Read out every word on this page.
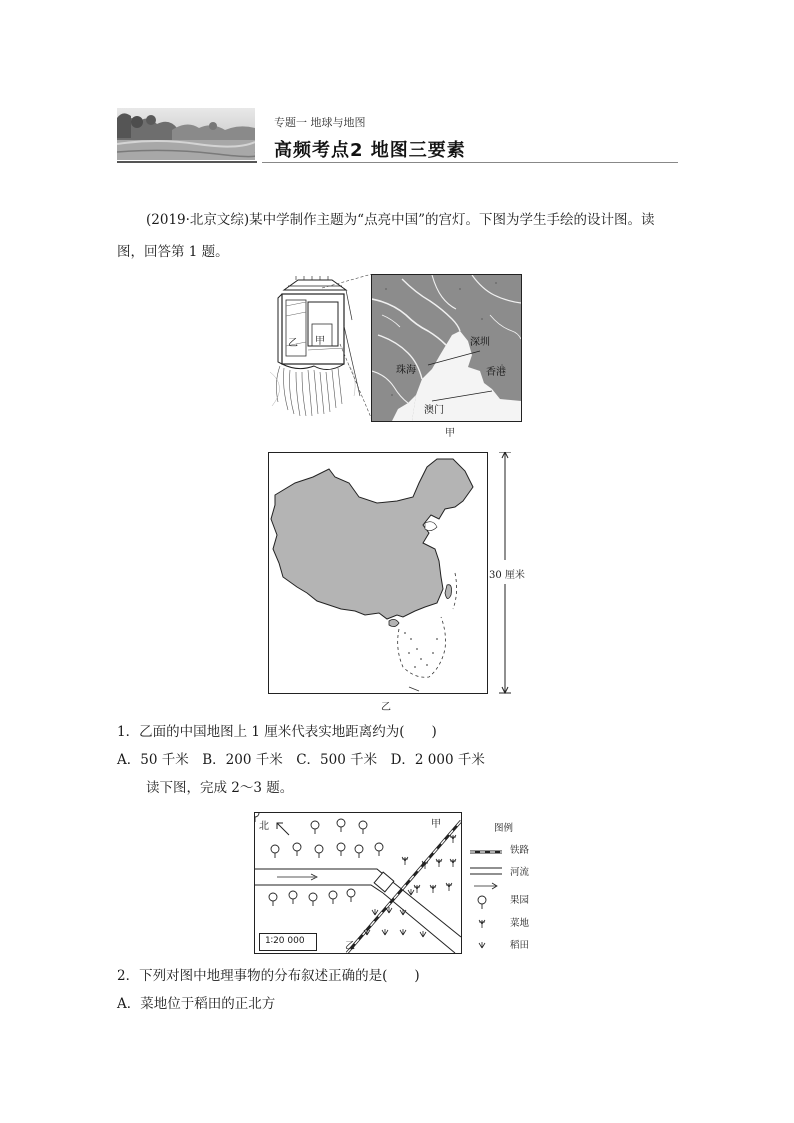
专题一 地球与地图
高频考点2 地图三要素
(2019·北京文综)某中学制作主题为“点亮中国”的宫灯。下图为学生手绘的设计图。读
图，回答第 1 题。
乙 甲	深圳
珠海	香港
澳门
甲
30 厘米
乙
1．乙面的中国地图上 1 厘米代表实地距离约为(　　)
A．50 千米　B．200 千米　C．500 千米　D．2 000 千米
读下图，完成 2～3 题。
北	甲
乙
1∶20 000
图例
铁路
河流
果园
菜地
稻田
2．下列对图中地理事物的分布叙述正确的是(　　)
A．菜地位于稻田的正北方
